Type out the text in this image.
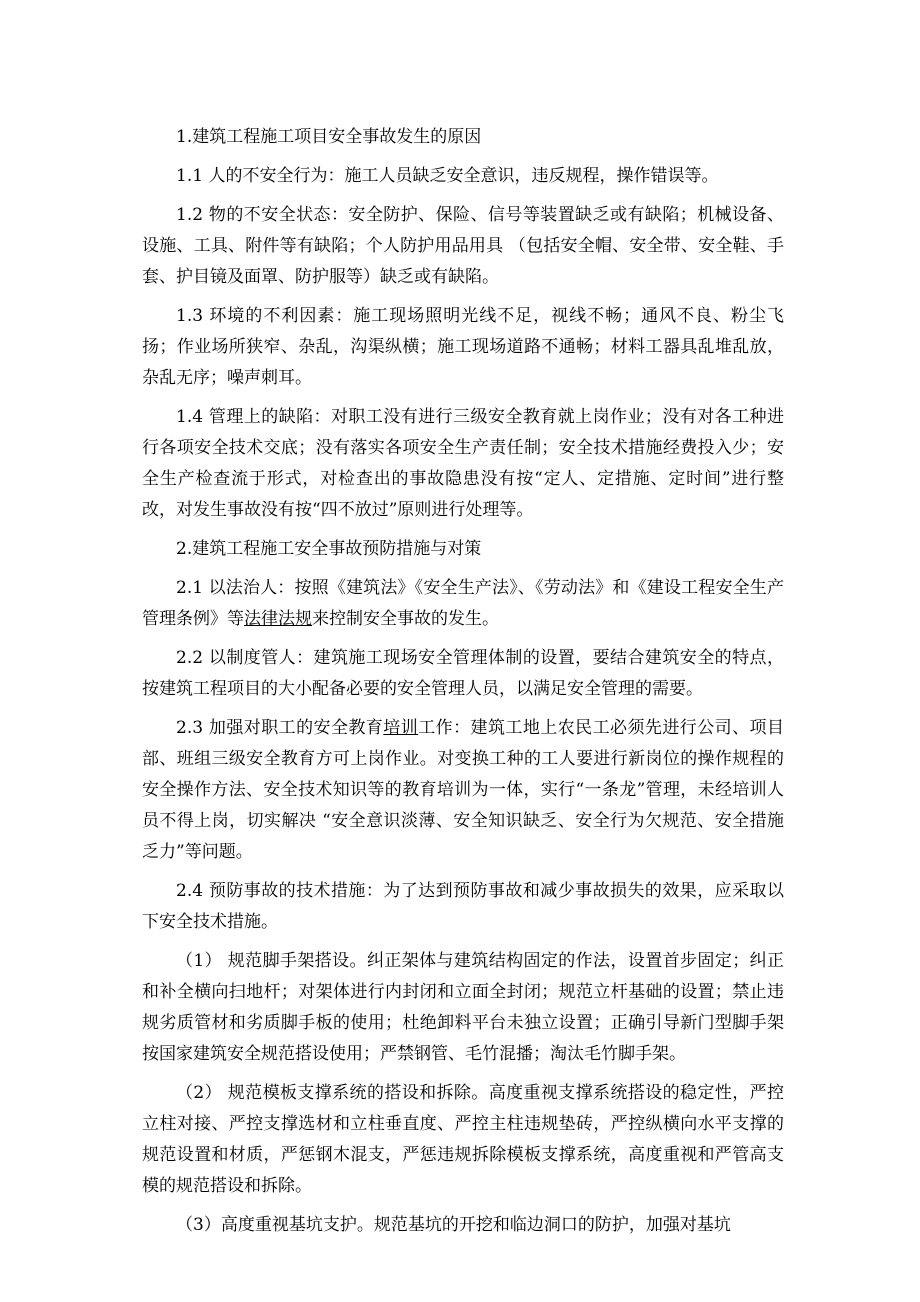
1.建筑工程施工项目安全事故发生的原因

1.1 人的不安全行为：施工人员缺乏安全意识，违反规程，操作错误等。

1.2 物的不安全状态：安全防护、保险、信号等装置缺乏或有缺陷；机械设备、设施、工具、附件等有缺陷；个人防护用品用具 （包括安全帽、安全带、安全鞋、手套、护目镜及面罩、防护服等）缺乏或有缺陷。

1.3 环境的不利因素：施工现场照明光线不足，视线不畅；通风不良、粉尘飞扬；作业场所狭窄、杂乱，沟渠纵横；施工现场道路不通畅；材料工器具乱堆乱放，杂乱无序；噪声刺耳。

1.4 管理上的缺陷：对职工没有进行三级安全教育就上岗作业；没有对各工种进行各项安全技术交底；没有落实各项安全生产责任制；安全技术措施经费投入少；安全生产检查流于形式，对检查出的事故隐患没有按“定人、定措施、定时间”进行整改，对发生事故没有按“四不放过”原则进行处理等。

2.建筑工程施工安全事故预防措施与对策

2.1 以法治人：按照《建筑法》《安全生产法》、《劳动法》和《建设工程安全生产管理条例》等法律法规来控制安全事故的发生。

2.2 以制度管人：建筑施工现场安全管理体制的设置，要结合建筑安全的特点，按建筑工程项目的大小配备必要的安全管理人员，以满足安全管理的需要。

2.3 加强对职工的安全教育培训工作：建筑工地上农民工必须先进行公司、项目部、班组三级安全教育方可上岗作业。对变换工种的工人要进行新岗位的操作规程的安全操作方法、安全技术知识等的教育培训为一体，实行“一条龙”管理，未经培训人员不得上岗，切实解决 “安全意识淡薄、安全知识缺乏、安全行为欠规范、安全措施乏力”等问题。

2.4 预防事故的技术措施：为了达到预防事故和减少事故损失的效果，应采取以下安全技术措施。

（1） 规范脚手架搭设。纠正架体与建筑结构固定的作法，设置首步固定；纠正和补全横向扫地杆；对架体进行内封闭和立面全封闭；规范立杆基础的设置；禁止违规劣质管材和劣质脚手板的使用；杜绝卸料平台未独立设置；正确引导新门型脚手架按国家建筑安全规范搭设使用；严禁钢管、毛竹混播；淘汰毛竹脚手架。

（2） 规范模板支撑系统的搭设和拆除。高度重视支撑系统搭设的稳定性，严控立柱对接、严控支撑选材和立柱垂直度、严控主柱违规垫砖，严控纵横向水平支撑的规范设置和材质，严惩钢木混支，严惩违规拆除模板支撑系统，高度重视和严管高支模的规范搭设和拆除。

（3）高度重视基坑支护。规范基坑的开挖和临边洞口的防护，加强对基坑
